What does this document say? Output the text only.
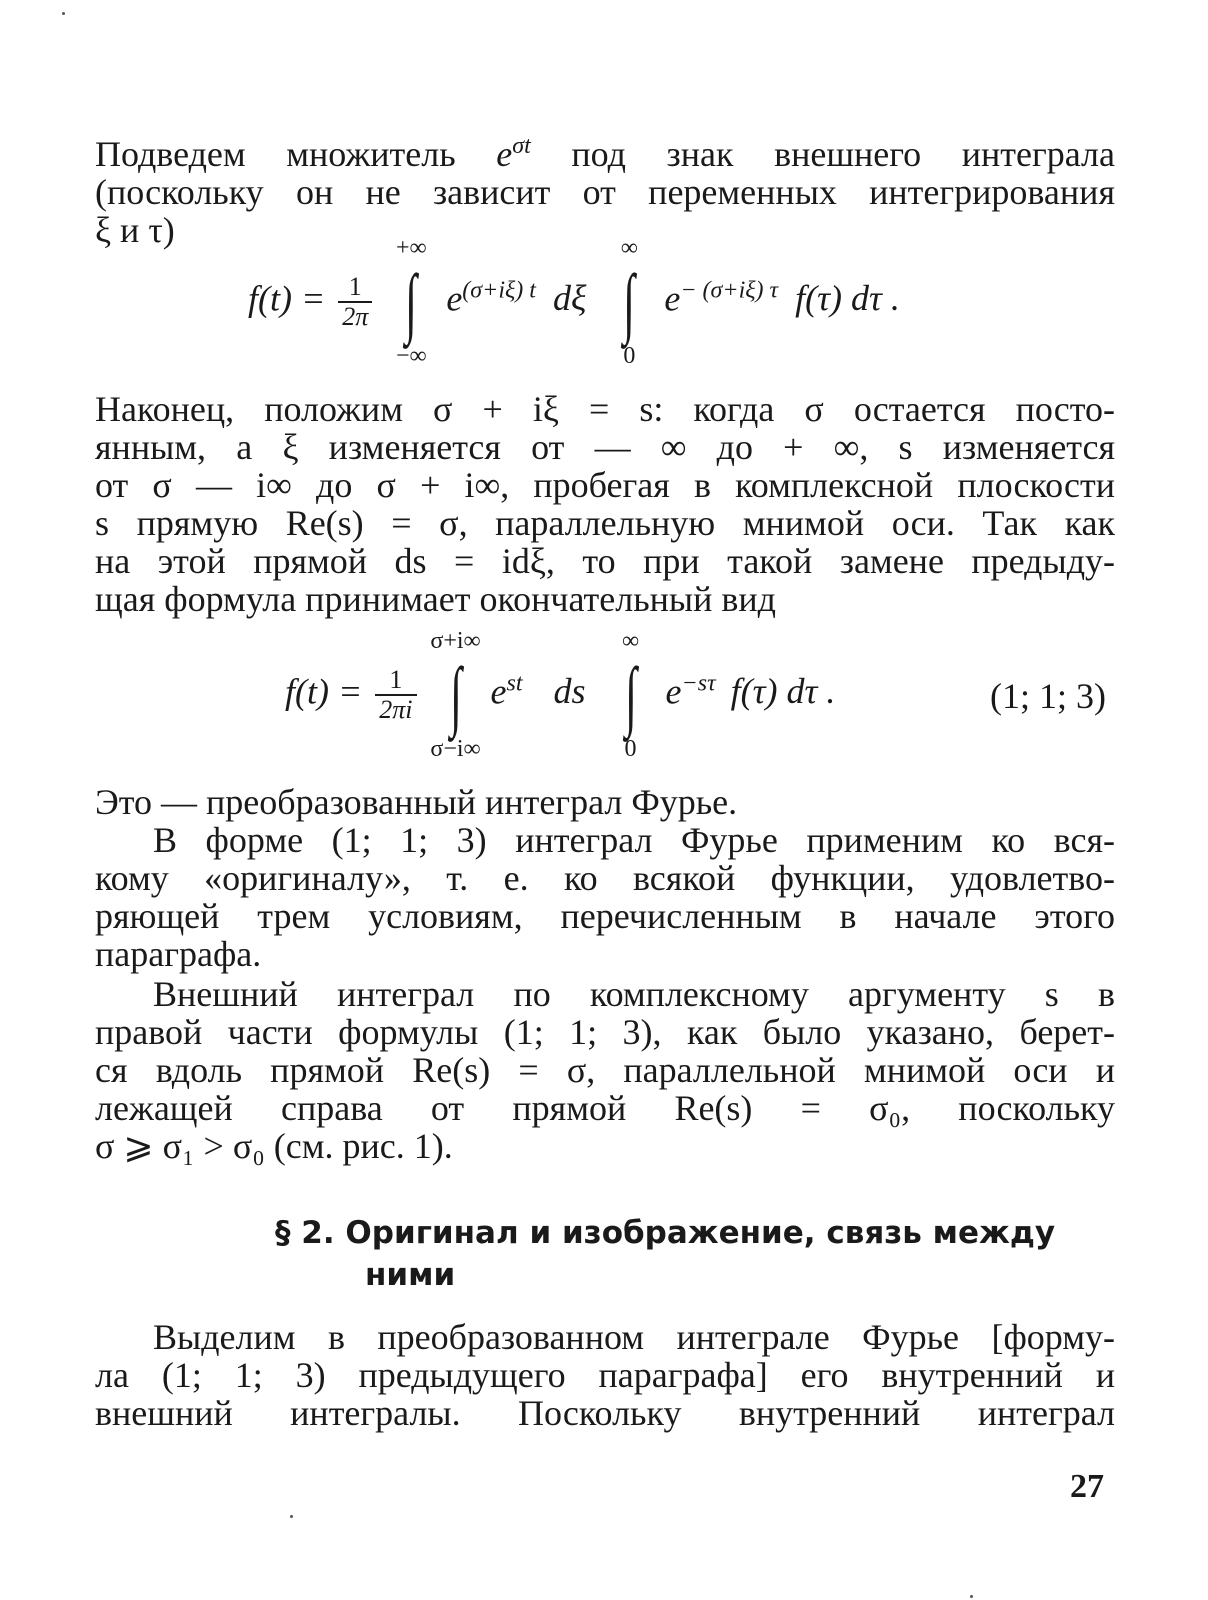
Подведем множитель $e^{\sigma t}$ под знак внешнего интеграла
(поскольку он не зависит от переменных интегрирования
ξ и τ)
$f(t) = \frac{1}{2\pi}$

+∞
∫
−∞
$e^{(\sigma+i\xi) t}$ dξ
∞
∫
0
$e^{- (\sigma+i\xi) \tau}$ f(τ) dτ .
Наконец, положим σ + iξ = s: когда σ остается посто-
янным, а ξ изменяется от — ∞ до + ∞, s изменяется
от σ — i∞ до σ + i∞, пробегая в комплексной плоскости
s прямую Re(s) = σ, параллельную мнимой оси. Так как
на этой прямой ds = idξ, то при такой замене предыду-
щая формула принимает окончательный вид
$f(t) = \frac{1}{2\pi i}$

σ+i∞
∫
σ−i∞
$e^{st}$ ds
∞
∫
0
$e^{-s\tau}$ f(τ) dτ .	(1; 1; 3)
Это — преобразованный интеграл Фурье.
В форме (1; 1; 3) интеграл Фурье применим ко вся-
кому «оригиналу», т. е. ко всякой функции, удовлетво-
ряющей трем условиям, перечисленным в начале этого
параграфа.
Внешний интеграл по комплексному аргументу s в
правой части формулы (1; 1; 3), как было указано, берет-
ся вдоль прямой Re(s) = σ, параллельной мнимой оси и
лежащей справа от прямой Re(s) = σ₀, поскольку
σ ⩾ σ₁ > σ₀ (см. рис. 1).
§ 2. Оригинал и изображение, связь между
ними
Выделим в преобразованном интеграле Фурье [форму-
ла (1; 1; 3) предыдущего параграфа] его внутренний и
внешний интегралы. Поскольку внутренний интеграл
27
